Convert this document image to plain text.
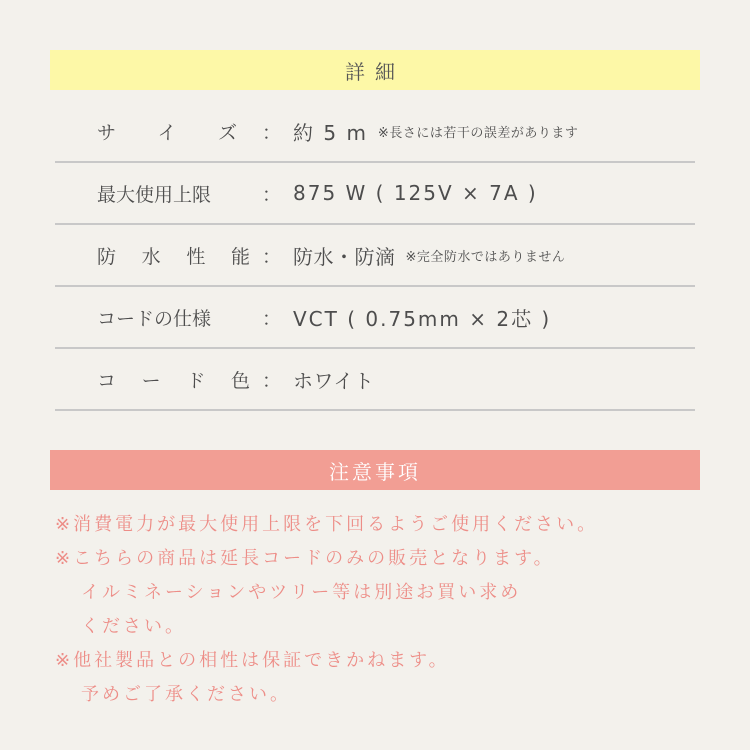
詳細
サ イ ズ	： 約 5 m ※長さには若干の誤差があります
最大使用上限	： 875 W ( 125V × 7A )
防 水 性 能 ： 防水・防滴 ※完全防水ではありません
コードの仕様	： VCT ( 0.75mm × 2芯 )
コ ー ド 色 ： ホワイト
注意事項
※消費電力が最大使用上限を下回るようご使用ください。
※こちらの商品は延長コードのみの販売となります。
イルミネーションやツリー等は別途お買い求め
ください。
※他社製品との相性は保証できかねます。
予めご了承ください。
